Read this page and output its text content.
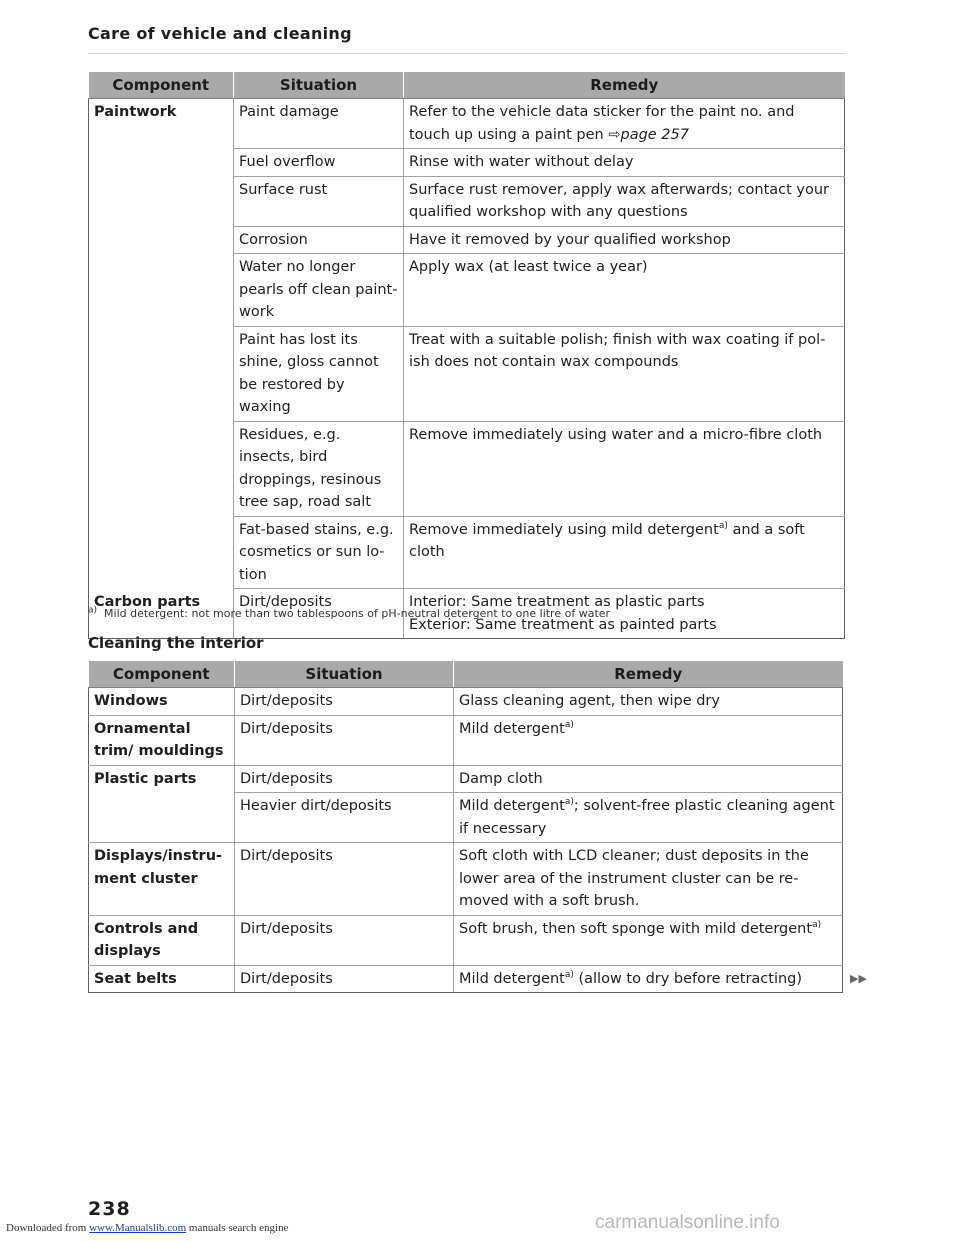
Care of vehicle and cleaning
Component	Situation	Remedy
Paintwork	Paint damage	Refer to the vehicle data sticker for the paint no. and touch up using a paint pen ⇨page 257
	Fuel overflow	Rinse with water without delay
	Surface rust	Surface rust remover, apply wax afterwards; contact your qualified workshop with any questions
	Corrosion	Have it removed by your qualified workshop
	Water no longer pearls off clean paintwork	Apply wax (at least twice a year)
	Paint has lost its shine, gloss cannot be restored by waxing	Treat with a suitable polish; finish with wax coating if polish does not contain wax compounds
	Residues, e.g. insects, bird droppings, resinous tree sap, road salt	Remove immediately using water and a micro-fibre cloth
	Fat-based stains, e.g. cosmetics or sun lotion	Remove immediately using mild detergent$^{a)}$ and a soft cloth
Carbon parts	Dirt/deposits	Interior: Same treatment as plastic parts
Exterior: Same treatment as painted parts
$^{a)}$ Mild detergent: not more than two tablespoons of pH-neutral detergent to one litre of water
Cleaning the interior
Component	Situation	Remedy
Windows	Dirt/deposits	Glass cleaning agent, then wipe dry
Ornamental trim/ mouldings	Dirt/deposits	Mild detergent$^{a)}$
Plastic parts	Dirt/deposits	Damp cloth
	Heavier dirt/deposits	Mild detergent$^{a)}$; solvent-free plastic cleaning agent if necessary
Displays/instrument cluster	Dirt/deposits	Soft cloth with LCD cleaner; dust deposits in the lower area of the instrument cluster can be removed with a soft brush.
Controls and displays	Dirt/deposits	Soft brush, then soft sponge with mild detergent$^{a)}$
Seat belts	Dirt/deposits	Mild detergent$^{a)}$ (allow to dry before retracting)	▶▶
238
Downloaded from www.Manualslib.com manuals search engine	carmanualsonline.info
